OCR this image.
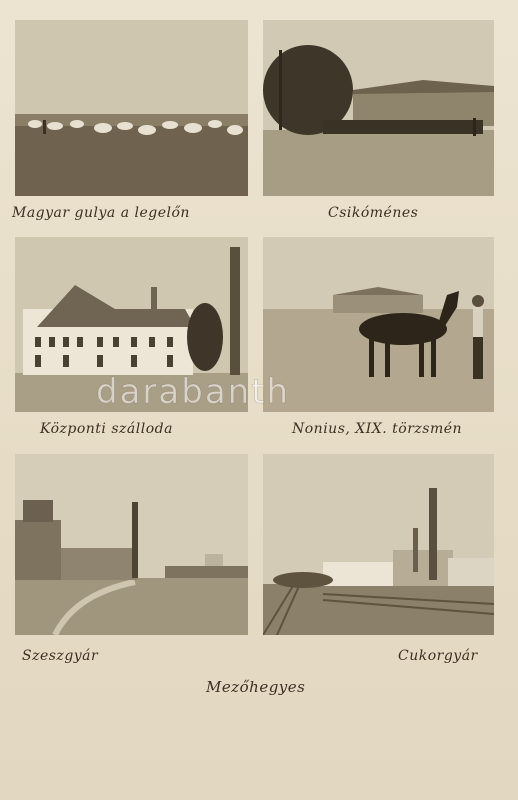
Magyar gulya a legelőn	Csikóménes
Központi szálloda	Nonius, XIX. törzsmén
Szeszgyár	Cukorgyár
darabanth
Mezőhegyes
